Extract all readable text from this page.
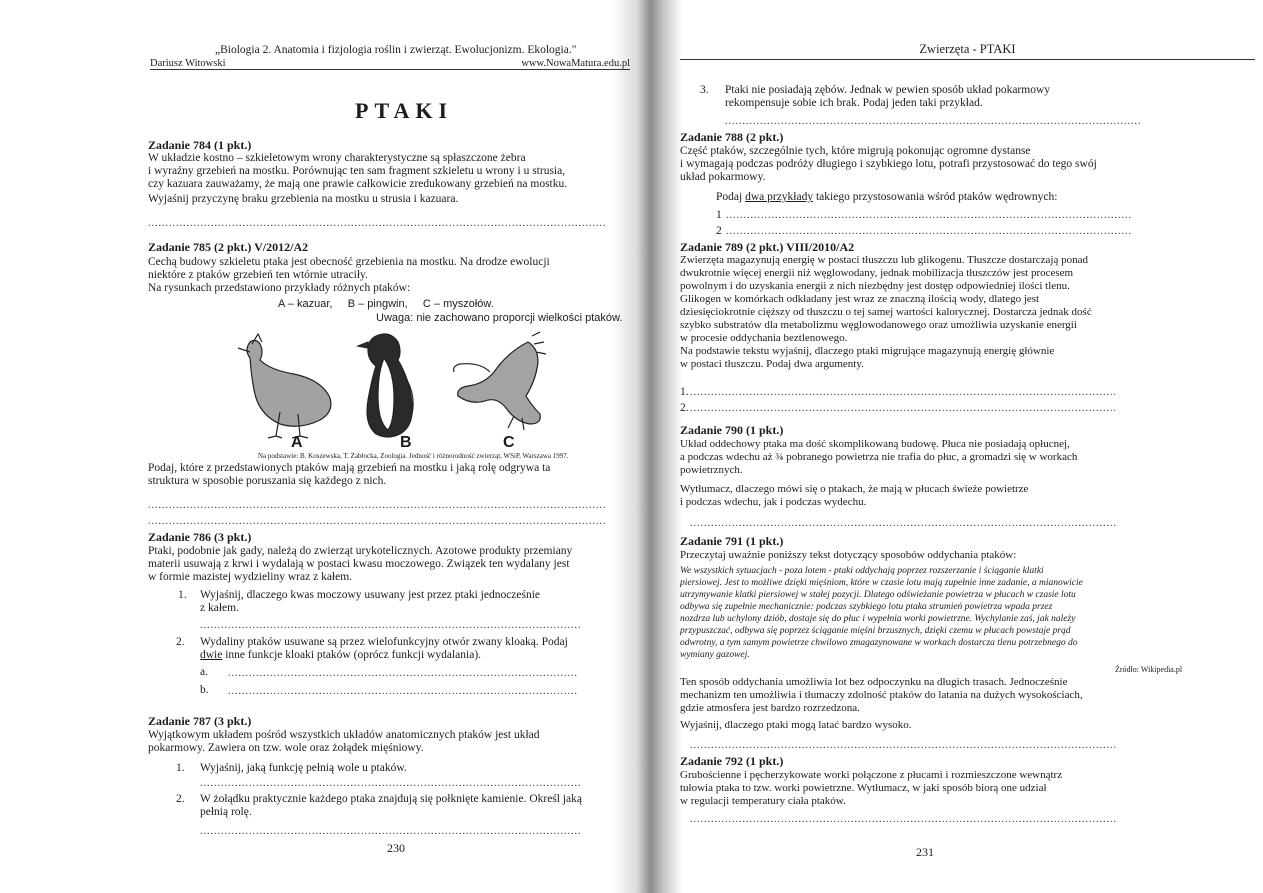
„Biologia 2. Anatomia i fizjologia roślin i zwierząt. Ewolucjonizm. Ekologia."
Dariusz Witowski	www.NowaMatura.edu.pl
PTAKI
Zadanie 784 (1 pkt.)
W układzie kostno – szkieletowym wrony charakterystyczne są spłaszczone żebra
i wyraźny grzebień na mostku. Porównując ten sam fragment szkieletu u wrony i u strusia,
czy kazuara zauważamy, że mają one prawie całkowicie zredukowany grzebień na mostku.
Wyjaśnij przyczynę braku grzebienia na mostku u strusia i kazuara.
...................................................................................................................................
Zadanie 785 (2 pkt.) V/2012/A2
Cechą budowy szkieletu ptaka jest obecność grzebienia na mostku. Na drodze ewolucji
niektóre z ptaków grzebień ten wtórnie utraciły.
Na rysunkach przedstawiono przykłady różnych ptaków:
A – kazuar,     B – pingwin,     C – myszołów.
Uwaga: nie zachowano proporcji wielkości ptaków.
A	B	C
Na podstawie: B. Koszewska, T. Zabłocka, Zoologia. Jedność i różnorodność zwierząt, WSiP, Warszawa 1997.
Podaj, które z przedstawionych ptaków mają grzebień na mostku i jaką rolę odgrywa ta
struktura w sposobie poruszania się każdego z nich.
...................................................................................................................................
...................................................................................................................................
Zadanie 786 (3 pkt.)
Ptaki, podobnie jak gady, należą do zwierząt urykotelicznych. Azotowe produkty przemiany
materii usuwają z krwi i wydalają w postaci kwasu moczowego. Związek ten wydalany jest
w formie mazistej wydzieliny wraz z kałem.
1. Wyjaśnij, dlaczego kwas moczowy usuwany jest przez ptaki jednocześnie
z kałem.
.............................................................................................................
2. Wydaliny ptaków usuwane są przez wielofunkcyjny otwór zwany kloaką. Podaj
dwie inne funkcje kloaki ptaków (oprócz funkcji wydalania).
a. ....................................................................................................
b. ....................................................................................................
Zadanie 787 (3 pkt.)
Wyjątkowym układem pośród wszystkich układów anatomicznych ptaków jest układ
pokarmowy. Zawiera on tzw. wole oraz żołądek mięśniowy.
1. Wyjaśnij, jaką funkcję pełnią wole u ptaków.
.............................................................................................................
2. W żołądku praktycznie każdego ptaka znajdują się połknięte kamienie. Określ jaką
pełnią rolę.
.............................................................................................................
230
Zwierzęta - PTAKI
3. Ptaki nie posiadają zębów. Jednak w pewien sposób układ pokarmowy
rekompensuje sobie ich brak. Podaj jeden taki przykład.
.......................................................................................................................
Zadanie 788 (2 pkt.)
Część ptaków, szczególnie tych, które migrują pokonując ogromne dystanse
i wymagają podczas podróży długiego i szybkiego lotu, potrafi przystosować do tego swój
układ pokarmowy.
Podaj dwa przykłady takiego przystosowania wśród ptaków wędrownych:
1 ....................................................................................................................
2 ....................................................................................................................
Zadanie 789 (2 pkt.) VIII/2010/A2
Zwierzęta magazynują energię w postaci tłuszczu lub glikogenu. Tłuszcze dostarczają ponad
dwukrotnie więcej energii niż węglowodany, jednak mobilizacja tłuszczów jest procesem
powolnym i do uzyskania energii z nich niezbędny jest dostęp odpowiedniej ilości tlenu.
Glikogen w komórkach odkładany jest wraz ze znaczną ilością wody, dlatego jest
dziesięciokrotnie cięższy od tłuszczu o tej samej wartości kalorycznej. Dostarcza jednak dość
szybko substratów dla metabolizmu węglowodanowego oraz umożliwia uzyskanie energii
w procesie oddychania beztlenowego.
Na podstawie tekstu wyjaśnij, dlaczego ptaki migrujące magazynują energię głównie
w postaci tłuszczu. Podaj dwa argumenty.
1. ..........................................................................................................................
2. ..........................................................................................................................
Zadanie 790 (1 pkt.)
Układ oddechowy ptaka ma dość skomplikowaną budowę. Płuca nie posiadają opłucnej,
a podczas wdechu aż ¾ pobranego powietrza nie trafia do płuc, a gromadzi się w workach
powietrznych.
Wytłumacz, dlaczego mówi się o ptakach, że mają w płucach świeże powietrze
i podczas wdechu, jak i podczas wydechu.
..........................................................................................................................
Zadanie 791 (1 pkt.)
Przeczytaj uważnie poniższy tekst dotyczący sposobów oddychania ptaków:
We wszystkich sytuacjach - poza lotem - ptaki oddychają poprzez rozszerzanie i ściąganie klatki
piersiowej. Jest to możliwe dzięki mięśniom, które w czasie lotu mają zupełnie inne zadanie, a mianowicie
utrzymywanie klatki piersiowej w stałej pozycji. Dlatego odświeżanie powietrza w płucach w czasie lotu
odbywa się zupełnie mechanicznie: podczas szybkiego lotu ptaka strumień powietrza wpada przez
nozdrza lub uchylony dziób, dostaje się do płuc i wypełnia worki powietrzne. Wychylanie zaś, jak należy
przypuszczać, odbywa się poprzez ściąganie mięśni brzusznych, dzięki czemu w płucach powstaje prąd
odwrotny, a tym samym powietrze chwilowo zmagazynowane w workach dostarcza tlenu potrzebnego do
wymiany gazowej.
Źródło: Wikipedia.pl
Ten sposób oddychania umożliwia lot bez odpoczynku na długich trasach. Jednocześnie
mechanizm ten umożliwia i tłumaczy zdolność ptaków do latania na dużych wysokościach,
gdzie atmosfera jest bardzo rozrzedzona.
Wyjaśnij, dlaczego ptaki mogą latać bardzo wysoko.
..........................................................................................................................
Zadanie 792 (1 pkt.)
Grubościenne i pęcherzykowate worki połączone z płucami i rozmieszczone wewnątrz
tułowia ptaka to tzw. worki powietrzne. Wytłumacz, w jaki sposób biorą one udział
w regulacji temperatury ciała ptaków.
..........................................................................................................................
231
